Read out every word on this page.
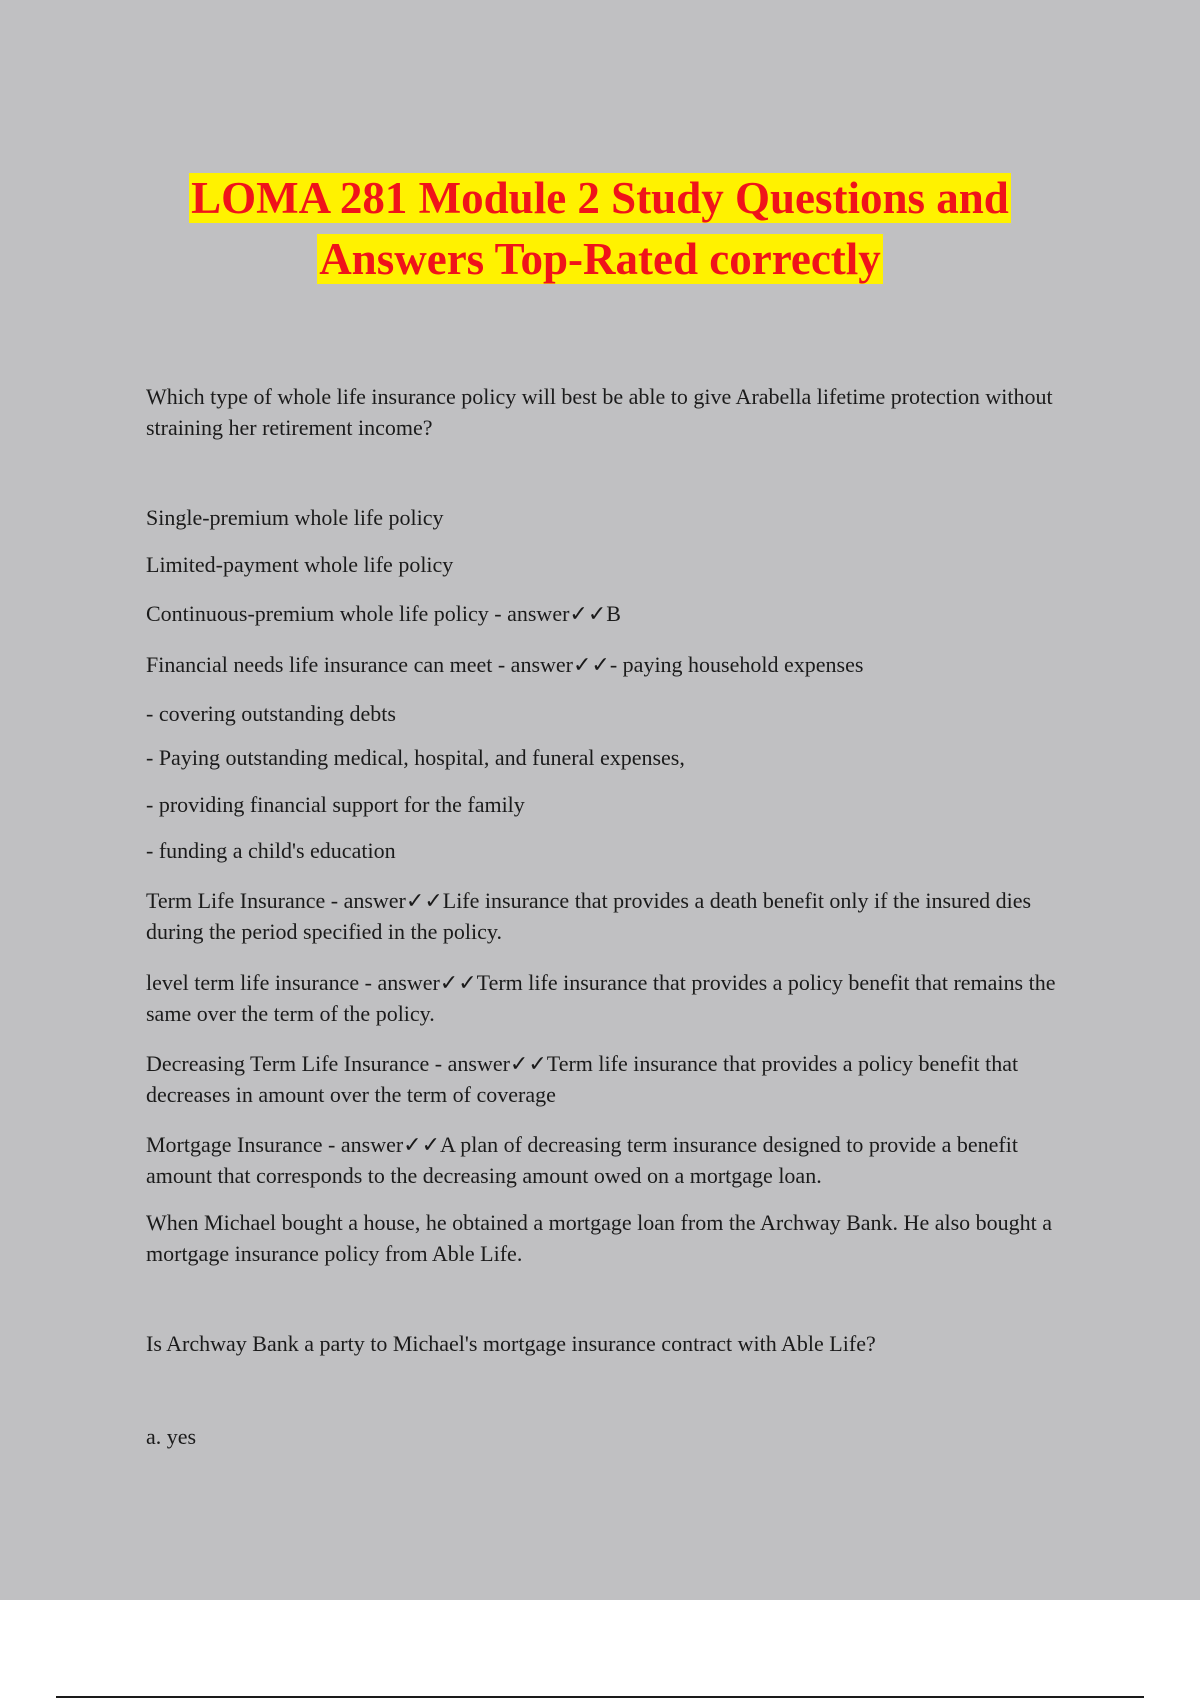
LOMA 281 Module 2 Study Questions and
Answers Top-Rated correctly

Which type of whole life insurance policy will best be able to give Arabella lifetime protection without straining her retirement income?

Single-premium whole life policy

Limited-payment whole life policy

Continuous-premium whole life policy - answer✓✓B

Financial needs life insurance can meet - answer✓✓- paying household expenses

- covering outstanding debts

- Paying outstanding medical, hospital, and funeral expenses,

- providing financial support for the family

- funding a child's education

Term Life Insurance - answer✓✓Life insurance that provides a death benefit only if the insured dies during the period specified in the policy.

level term life insurance - answer✓✓Term life insurance that provides a policy benefit that remains the same over the term of the policy.

Decreasing Term Life Insurance - answer✓✓Term life insurance that provides a policy benefit that decreases in amount over the term of coverage

Mortgage Insurance - answer✓✓A plan of decreasing term insurance designed to provide a benefit amount that corresponds to the decreasing amount owed on a mortgage loan.

When Michael bought a house, he obtained a mortgage loan from the Archway Bank. He also bought a mortgage insurance policy from Able Life.

Is Archway Bank a party to Michael's mortgage insurance contract with Able Life?

a. yes
